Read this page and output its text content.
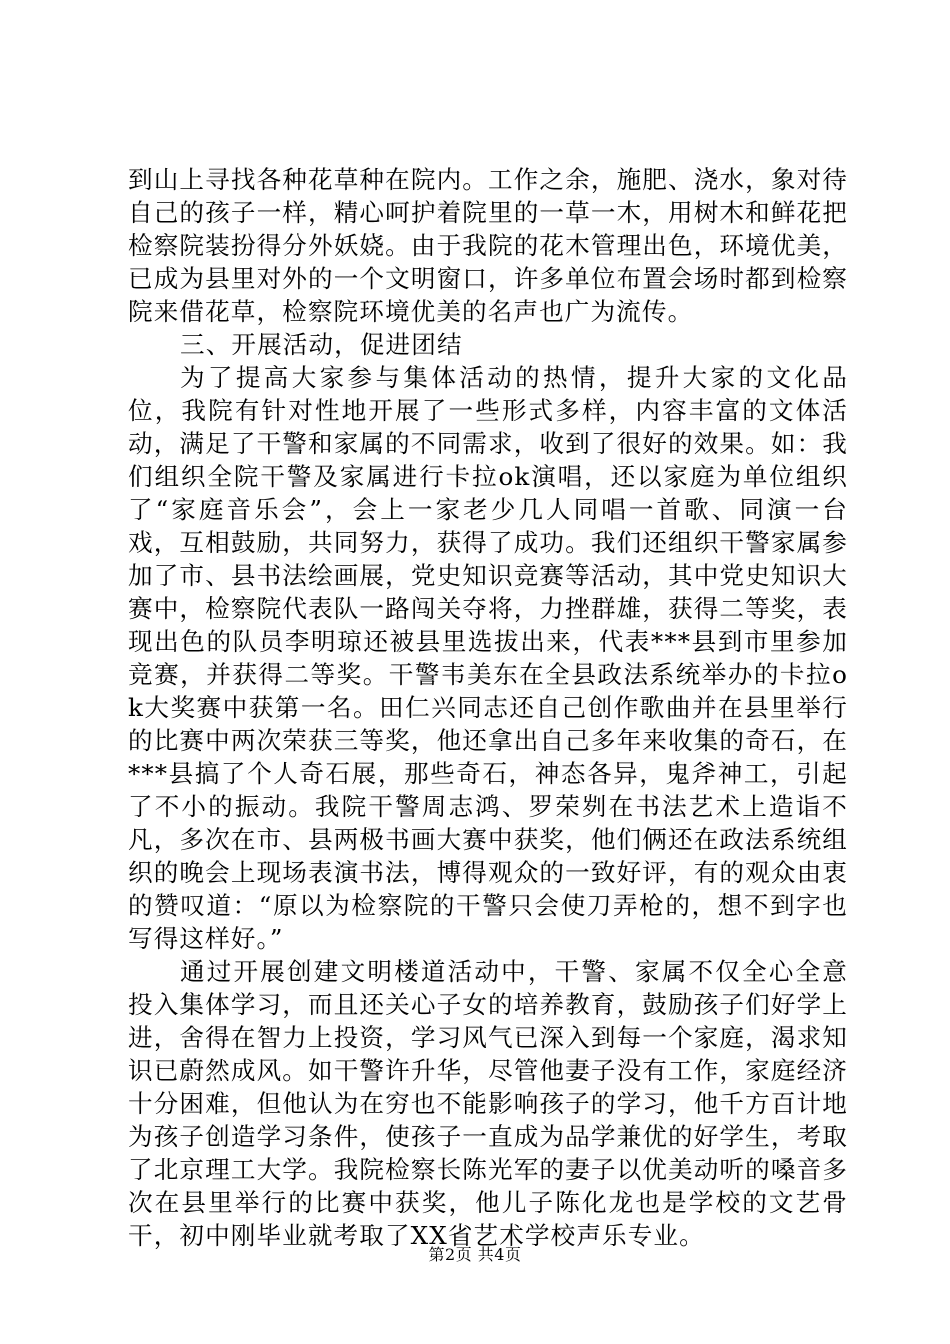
到山上寻找各种花草种在院内。工作之余，施肥、浇水，象对待自己的孩子一样，精心呵护着院里的一草一木，用树木和鲜花把检察院装扮得分外妖娆。由于我院的花木管理出色，环境优美，已成为县里对外的一个文明窗口，许多单位布置会场时都到检察院来借花草，检察院环境优美的名声也广为流传。

三、开展活动，促进团结

为了提高大家参与集体活动的热情，提升大家的文化品位，我院有针对性地开展了一些形式多样，内容丰富的文体活动，满足了干警和家属的不同需求，收到了很好的效果。如：我们组织全院干警及家属进行卡拉ok演唱，还以家庭为单位组织了“家庭音乐会”，会上一家老少几人同唱一首歌、同演一台戏，互相鼓励，共同努力，获得了成功。我们还组织干警家属参加了市、县书法绘画展，党史知识竞赛等活动，其中党史知识大赛中，检察院代表队一路闯关夺将，力挫群雄，获得二等奖，表现出色的队员李明琼还被县里选拔出来，代表***县到市里参加竞赛，并获得二等奖。干警韦美东在全县政法系统举办的卡拉ok大奖赛中获第一名。田仁兴同志还自己创作歌曲并在县里举行的比赛中两次荣获三等奖，他还拿出自己多年来收集的奇石，在***县搞了个人奇石展，那些奇石，神态各异，鬼斧神工，引起了不小的振动。我院干警周志鸿、罗荣刿在书法艺术上造诣不凡，多次在市、县两极书画大赛中获奖，他们俩还在政法系统组织的晚会上现场表演书法，博得观众的一致好评，有的观众由衷的赞叹道：“原以为检察院的干警只会使刀弄枪的，想不到字也写得这样好。”

通过开展创建文明楼道活动中，干警、家属不仅全心全意投入集体学习，而且还关心子女的培养教育，鼓励孩子们好学上进，舍得在智力上投资，学习风气已深入到每一个家庭，渴求知识已蔚然成风。如干警许升华，尽管他妻子没有工作，家庭经济十分困难，但他认为在穷也不能影响孩子的学习，他千方百计地为孩子创造学习条件，使孩子一直成为品学兼优的好学生，考取了北京理工大学。我院检察长陈光军的妻子以优美动听的嗓音多次在县里举行的比赛中获奖，他儿子陈化龙也是学校的文艺骨干，初中刚毕业就考取了XX省艺术学校声乐专业。

第2页 共4页
